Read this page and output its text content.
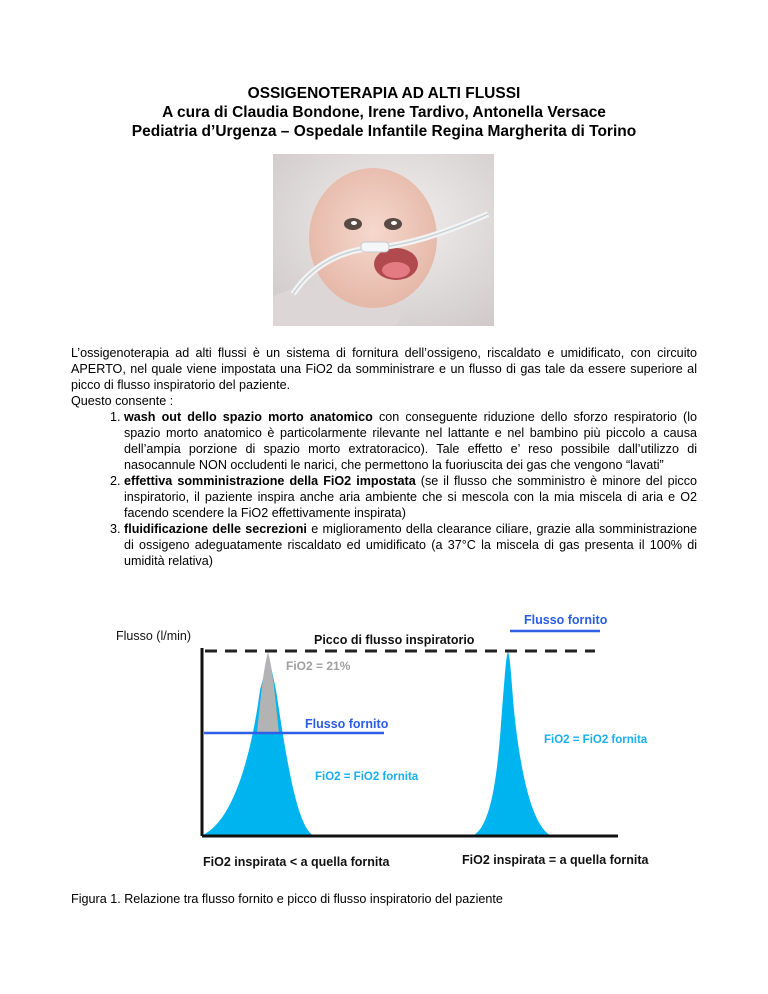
OSSIGENOTERAPIA AD ALTI FLUSSI
A cura di Claudia Bondone, Irene Tardivo, Antonella Versace
Pediatria d’Urgenza – Ospedale Infantile Regina Margherita di Torino

L’ossigenoterapia ad alti flussi è un sistema di fornitura dell’ossigeno, riscaldato e umidificato, con circuito APERTO, nel quale viene impostata una FiO2 da somministrare e un flusso di gas tale da essere superiore al picco di flusso inspiratorio del paziente.

Questo consente :

1. wash out dello spazio morto anatomico con conseguente riduzione dello sforzo respiratorio (lo spazio morto anatomico è particolarmente rilevante nel lattante e nel bambino più piccolo a causa dell’ampia porzione di spazio morto extratoracico). Tale effetto e’ reso possibile dall’utilizzo di nasocannule NON occludenti le narici, che permettono la fuoriuscita dei gas che vengono “lavati”
2. effettiva somministrazione della FiO2 impostata (se il flusso che somministro è minore del picco inspiratorio, il paziente inspira anche aria ambiente che si mescola con la mia miscela di aria e O2 facendo scendere la FiO2 effettivamente inspirata)
3. fluidificazione delle secrezioni e miglioramento della clearance ciliare, grazie alla somministrazione di ossigeno adeguatamente riscaldato ed umidificato (a 37°C la miscela di gas presenta il 100% di umidità relativa)
Flusso (l/min)	Picco di flusso inspiratorio
Flusso fornito
FiO2 = 21%
Flusso fornito
FiO2 = FiO2 fornita
FiO2 = FiO2 fornita
FiO2 inspirata < a quella fornita	FiO2 inspirata = a quella fornita
Figura 1. Relazione tra flusso fornito e picco di flusso inspiratorio del paziente
